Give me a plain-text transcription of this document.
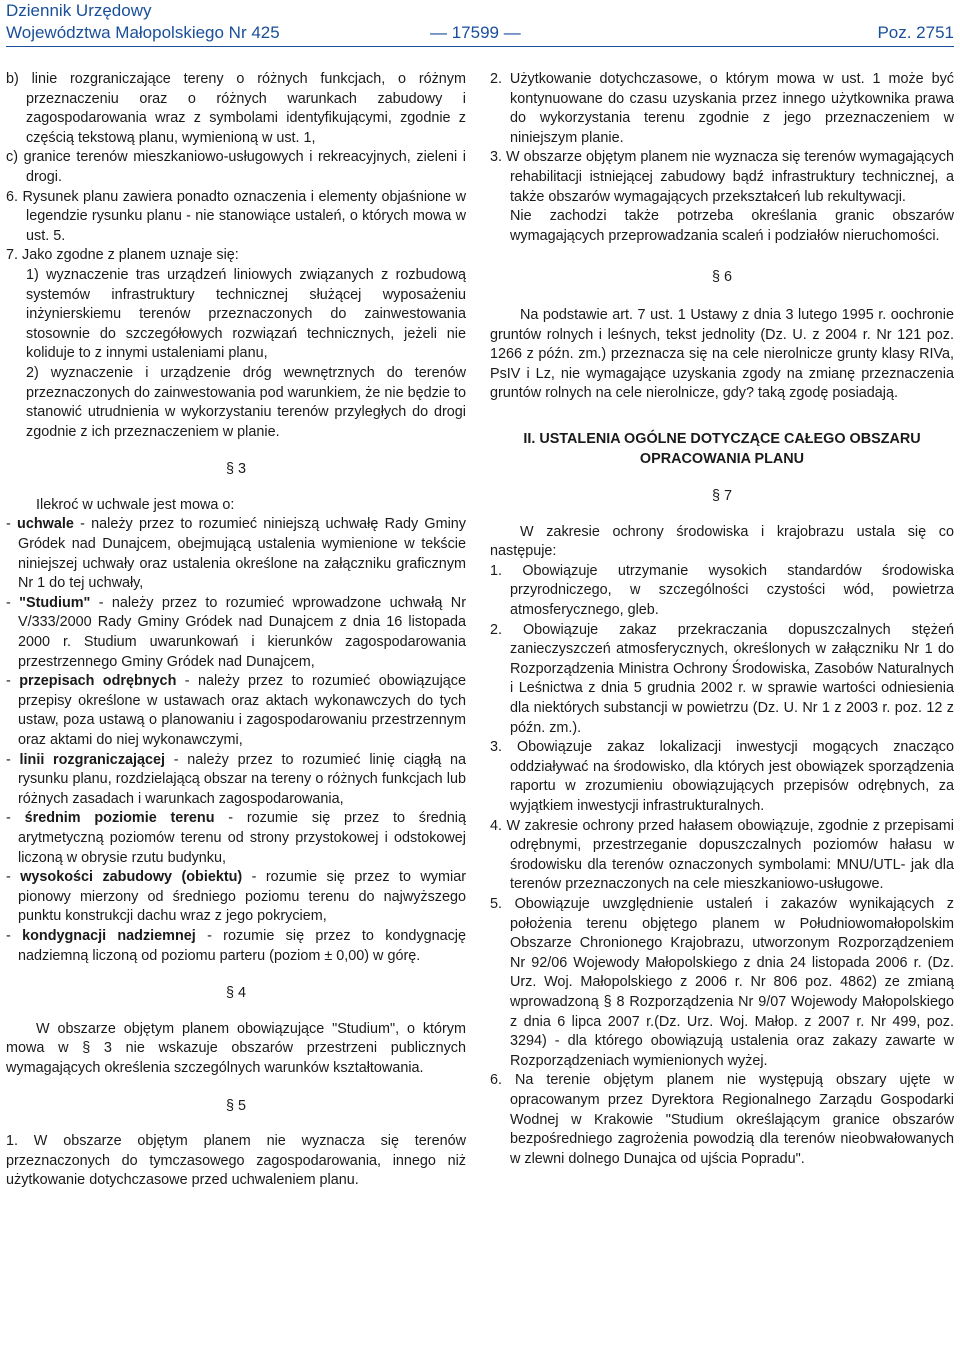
Dziennik Urzędowy
Województwa Małopolskiego Nr 425	— 17599 —	Poz. 2751

b) linie rozgraniczające tereny o różnych funkcjach, o różnym przeznaczeniu oraz o różnych warunkach zabudowy i zagospodarowania wraz z symbolami identyfikującymi, zgodnie z częścią tekstową planu, wymienioną w ust. 1,

c) granice terenów mieszkaniowo-usługowych i rekreacyjnych, zieleni i drogi.

6. Rysunek planu zawiera ponadto oznaczenia i elementy objaśnione w legendzie rysunku planu - nie stanowiące ustaleń, o których mowa w ust. 5.

7. Jako zgodne z planem uznaje się:

1) wyznaczenie tras urządzeń liniowych związanych z rozbudową systemów infrastruktury technicznej służącej wyposażeniu inżynierskiemu terenów przeznaczonych do zainwestowania stosownie do szczegółowych rozwiązań technicznych, jeżeli nie koliduje to z innymi ustaleniami planu,

2) wyznaczenie i urządzenie dróg wewnętrznych do terenów przeznaczonych do zainwestowania pod warunkiem, że nie będzie to stanowić utrudnienia w wykorzystaniu terenów przyległych do drogi zgodnie z ich przeznaczeniem w planie.

§ 3

Ilekroć w uchwale jest mowa o:

- uchwale - należy przez to rozumieć niniejszą uchwałę Rady Gminy Gródek nad Dunajcem, obejmującą ustalenia wymienione w tekście niniejszej uchwały oraz ustalenia określone na załączniku graficznym Nr 1 do tej uchwały,

- "Studium" - należy przez to rozumieć wprowadzone uchwałą Nr V/333/2000 Rady Gminy Gródek nad Dunajcem z dnia 16 listopada 2000 r. Studium uwarunkowań i kierunków zagospodarowania przestrzennego Gminy Gródek nad Dunajcem,

- przepisach odrębnych - należy przez to rozumieć obowiązujące przepisy określone w ustawach oraz aktach wykonawczych do tych ustaw, poza ustawą o planowaniu i zagospodarowaniu przestrzennym oraz aktami do niej wykonawczymi,

- linii rozgraniczającej - należy przez to rozumieć linię ciągłą na rysunku planu, rozdzielającą obszar na tereny o różnych funkcjach lub różnych zasadach i warunkach zagospodarowania,

- średnim poziomie terenu - rozumie się przez to średnią arytmetyczną poziomów terenu od strony przystokowej i odstokowej liczoną w obrysie rzutu budynku,

- wysokości zabudowy (obiektu) - rozumie się przez to wymiar pionowy mierzony od średniego poziomu terenu do najwyższego punktu konstrukcji dachu wraz z jego pokryciem,

- kondygnacji nadziemnej - rozumie się przez to kondygnację nadziemną liczoną od poziomu parteru (poziom ± 0,00) w górę.

§ 4

W obszarze objętym planem obowiązujące "Studium", o którym mowa w § 3 nie wskazuje obszarów przestrzeni publicznych wymagających określenia szczególnych warunków kształtowania.

§ 5

1. W obszarze objętym planem nie wyznacza się terenów przeznaczonych do tymczasowego zagospodarowania, innego niż użytkowanie dotychczasowe przed uchwaleniem planu.

2. Użytkowanie dotychczasowe, o którym mowa w ust. 1 może być kontynuowane do czasu uzyskania przez innego użytkownika prawa do wykorzystania terenu zgodnie z jego przeznaczeniem w niniejszym planie.

3. W obszarze objętym planem nie wyznacza się terenów wymagających rehabilitacji istniejącej zabudowy bądź infrastruktury technicznej, a także obszarów wymagających przekształceń lub rekultywacji.

Nie zachodzi także potrzeba określania granic obszarów wymagających przeprowadzania scaleń i podziałów nieruchomości.

§ 6

Na podstawie art. 7 ust. 1 Ustawy z dnia 3 lutego 1995 r. oochronie gruntów rolnych i leśnych, tekst jednolity (Dz. U. z 2004 r. Nr 121 poz. 1266 z późn. zm.) przeznacza się na cele nierolnicze grunty klasy RIVa, PsIV i Lz, nie wymagające uzyskania zgody na zmianę przeznaczenia gruntów rolnych na cele nierolnicze, gdy? taką zgodę posiadają.

II. USTALENIA OGÓLNE DOTYCZĄCE CAŁEGO OBSZARU
OPRACOWANIA PLANU

§ 7

W zakresie ochrony środowiska i krajobrazu ustala się co następuje:

1. Obowiązuje utrzymanie wysokich standardów środowiska przyrodniczego, w szczególności czystości wód, powietrza atmosferycznego, gleb.

2. Obowiązuje zakaz przekraczania dopuszczalnych stężeń zanieczyszczeń atmosferycznych, określonych w załączniku Nr 1 do Rozporządzenia Ministra Ochrony Środowiska, Zasobów Naturalnych i Leśnictwa z dnia 5 grudnia 2002 r. w sprawie wartości odniesienia dla niektórych substancji w powietrzu (Dz. U. Nr 1 z 2003 r. poz. 12 z późn. zm.).

3. Obowiązuje zakaz lokalizacji inwestycji mogących znacząco oddziaływać na środowisko, dla których jest obowiązek sporządzenia raportu w zrozumieniu obowiązujących przepisów odrębnych, za wyjątkiem inwestycji infrastrukturalnych.

4. W zakresie ochrony przed hałasem obowiązuje, zgodnie z przepisami odrębnymi, przestrzeganie dopuszczalnych poziomów hałasu w środowisku dla terenów oznaczonych symbolami: MNU/UTL- jak dla terenów przeznaczonych na cele mieszkaniowo-usługowe.

5. Obowiązuje uwzględnienie ustaleń i zakazów wynikających z położenia terenu objętego planem w Południowomałopolskim Obszarze Chronionego Krajobrazu, utworzonym Rozporządzeniem Nr 92/06 Wojewody Małopolskiego z dnia 24 listopada 2006 r. (Dz. Urz. Woj. Małopolskiego z 2006 r. Nr 806 poz. 4862) ze zmianą wprowadzoną § 8 Rozporządzenia Nr 9/07 Wojewody Małopolskiego z dnia 6 lipca 2007 r.(Dz. Urz. Woj. Małop. z 2007 r. Nr 499, poz. 3294) - dla którego obowiązują ustalenia oraz zakazy zawarte w Rozporządzeniach wymienionych wyżej.

6. Na terenie objętym planem nie występują obszary ujęte w opracowanym przez Dyrektora Regionalnego Zarządu Gospodarki Wodnej w Krakowie "Studium określającym granice obszarów bezpośredniego zagrożenia powodzią dla terenów nieobwałowanych w zlewni dolnego Dunajca od ujścia Popradu".
